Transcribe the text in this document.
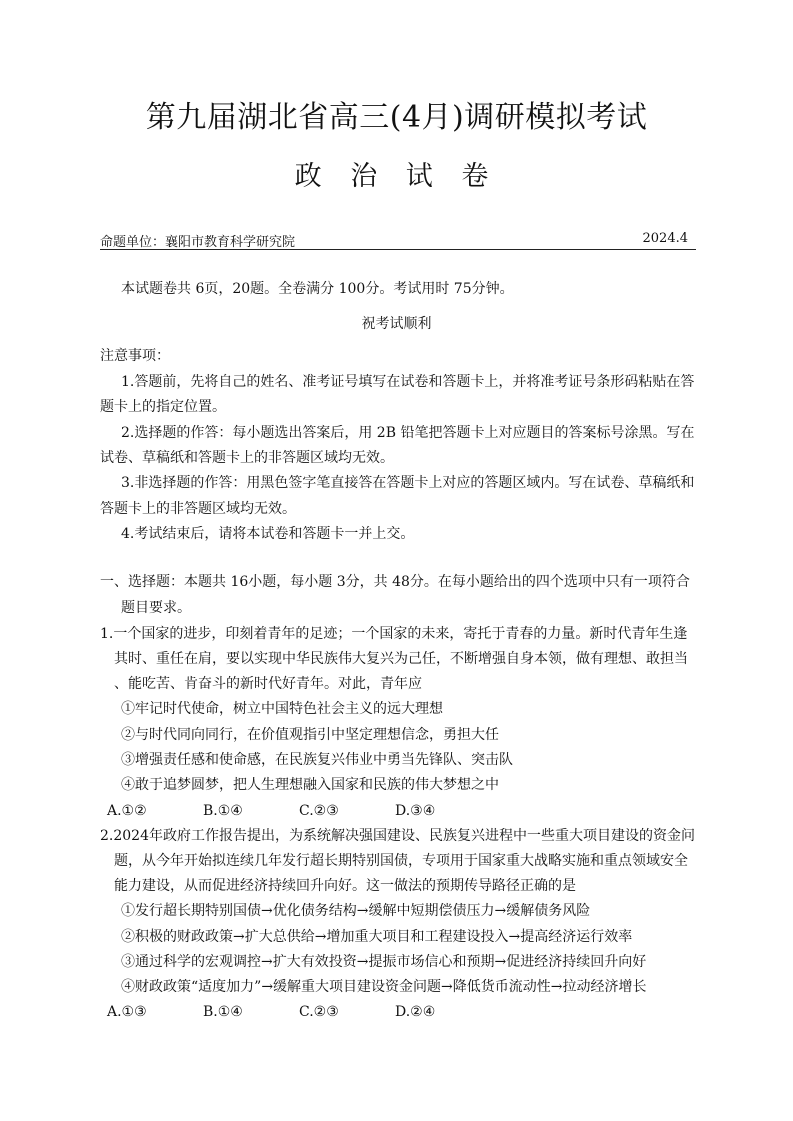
第九届湖北省高三(4月)调研模拟考试
政 治 试 卷
命题单位：襄阳市教育科学研究院	2024.4
本试题卷共 6页，20题。全卷满分 100分。考试用时 75分钟。
祝考试顺利
注意事项：
1.答题前，先将自己的姓名、准考证号填写在试卷和答题卡上，并将准考证号条形码粘贴在答
题卡上的指定位置。
2.选择题的作答：每小题选出答案后，用 2B 铅笔把答题卡上对应题目的答案标号涂黑。写在
试卷、草稿纸和答题卡上的非答题区域均无效。
3.非选择题的作答：用黑色签字笔直接答在答题卡上对应的答题区域内。写在试卷、草稿纸和
答题卡上的非答题区域均无效。
4.考试结束后，请将本试卷和答题卡一并上交。
一、选择题：本题共 16小题，每小题 3分，共 48分。在每小题给出的四个选项中只有一项符合
题目要求。
1.一个国家的进步，印刻着青年的足迹；一个国家的未来，寄托于青春的力量。新时代青年生逢
其时、重任在肩，要以实现中华民族伟大复兴为己任，不断增强自身本领，做有理想、敢担当
、能吃苦、肯奋斗的新时代好青年。对此，青年应
①牢记时代使命，树立中国特色社会主义的远大理想
②与时代同向同行，在价值观指引中坚定理想信念，勇担大任
③增强责任感和使命感，在民族复兴伟业中勇当先锋队、突击队
④敢于追梦圆梦，把人生理想融入国家和民族的伟大梦想之中
A.①②	B.①④	C.②③	D.③④
2.2024年政府工作报告提出，为系统解决强国建设、民族复兴进程中一些重大项目建设的资金问
题，从今年开始拟连续几年发行超长期特别国债，专项用于国家重大战略实施和重点领域安全
能力建设，从而促进经济持续回升向好。这一做法的预期传导路径正确的是
①发行超长期特别国债→优化债务结构→缓解中短期偿债压力→缓解债务风险
②积极的财政政策→扩大总供给→增加重大项目和工程建设投入→提高经济运行效率
③通过科学的宏观调控→扩大有效投资→提振市场信心和预期→促进经济持续回升向好
④财政政策“适度加力”→缓解重大项目建设资金问题→降低货币流动性→拉动经济增长
A.①③	B.①④	C.②③	D.②④
